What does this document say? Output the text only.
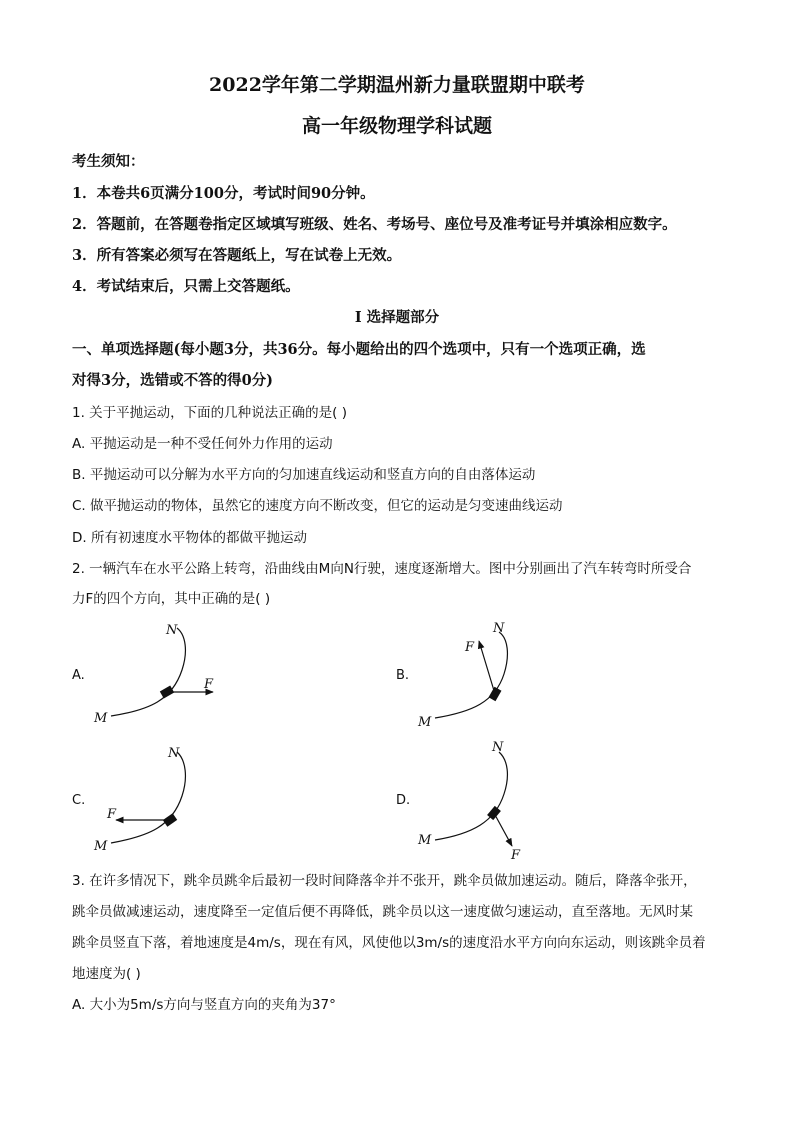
2022学年第二学期温州新力量联盟期中联考
高一年级物理学科试题
考生须知：
1．本卷共6页满分100分，考试时间90分钟。
2．答题前，在答题卷指定区域填写班级、姓名、考场号、座位号及准考证号并填涂相应数字。
3．所有答案必须写在答题纸上，写在试卷上无效。
4．考试结束后，只需上交答题纸。
Ⅰ 选择题部分
一、单项选择题(每小题3分，共36分。每小题给出的四个选项中，只有一个选项正确，选
对得3分，选错或不答的得0分)
1. 关于平抛运动，下面的几种说法正确的是( )
A. 平抛运动是一种不受任何外力作用的运动
B. 平抛运动可以分解为水平方向的匀加速直线运动和竖直方向的自由落体运动
C. 做平抛运动的物体，虽然它的速度方向不断改变，但它的运动是匀变速曲线运动
D. 所有初速度水平物体的都做平抛运动
2. 一辆汽车在水平公路上转弯，沿曲线由M向N行驶，速度逐渐增大。图中分别画出了汽车转弯时所受合
力F的四个方向，其中正确的是( )
A.
N
M
F
B.
N
M
F
C.
N
M
F
D.
N
M
F
3. 在许多情况下，跳伞员跳伞后最初一段时间降落伞并不张开，跳伞员做加速运动。随后，降落伞张开，
跳伞员做减速运动，速度降至一定值后便不再降低，跳伞员以这一速度做匀速运动，直至落地。无风时某
跳伞员竖直下落，着地速度是4m/s，现在有风，风使他以3m/s的速度沿水平方向向东运动，则该跳伞员着
地速度为( )
A. 大小为5m/s方向与竖直方向的夹角为37°
